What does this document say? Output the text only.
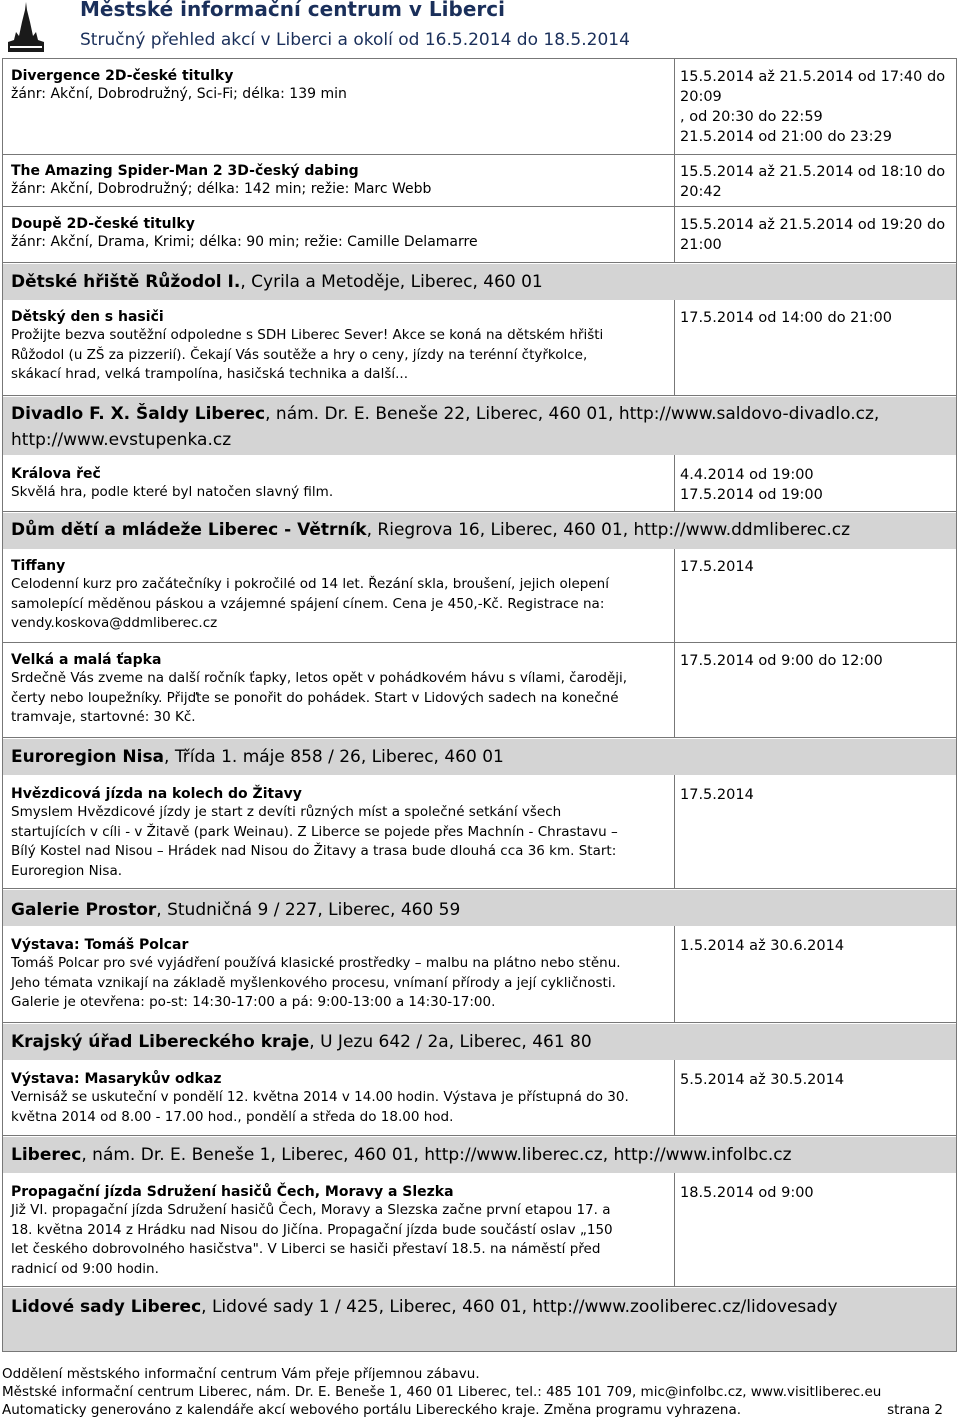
Městské informační centrum v Liberci
Stručný přehled akcí v Liberci a okolí od 16.5.2014 do 18.5.2014
Divergence 2D-české titulky
žánr: Akční, Dobrodružný, Sci-Fi; délka: 139 min
15.5.2014 až 21.5.2014 od 17:40 do
20:09
, od 20:30 do 22:59
21.5.2014 od 21:00 do 23:29
The Amazing Spider-Man 2 3D-český dabing
žánr: Akční, Dobrodružný; délka: 142 min; režie: Marc Webb
15.5.2014 až 21.5.2014 od 18:10 do
20:42
Doupě 2D-české titulky
žánr: Akční, Drama, Krimi; délka: 90 min; režie: Camille Delamarre
15.5.2014 až 21.5.2014 od 19:20 do
21:00
Dětské hřiště Růžodol I., Cyrila a Metoděje, Liberec, 460 01
Dětský den s hasiči
Prožijte bezva soutěžní odpoledne s SDH Liberec Sever! Akce se koná na dětském hřišti
Růžodol (u ZŠ za pizzerií). Čekají Vás soutěže a hry o ceny, jízdy na terénní čtyřkolce,
skákací hrad, velká trampolína, hasičská technika a další...
17.5.2014 od 14:00 do 21:00
Divadlo F. X. Šaldy Liberec, nám. Dr. E. Beneše 22, Liberec, 460 01, http://www.saldovo-divadlo.cz,
http://www.evstupenka.cz
Králova řeč
Skvělá hra, podle které byl natočen slavný film.
4.4.2014 od 19:00
17.5.2014 od 19:00
Dům dětí a mládeže Liberec - Větrník, Riegrova 16, Liberec, 460 01, http://www.ddmliberec.cz
Tiffany
Celodenní kurz pro začátečníky i pokročilé od 14 let. Řezání skla, broušení, jejich olepení
samolepící měděnou páskou a vzájemné spájení cínem. Cena je 450,-Kč. Registrace na:
vendy.koskova@ddmliberec.cz
17.5.2014
Velká a malá ťapka
Srdečně Vás zveme na další ročník ťapky, letos opět v pohádkovém hávu s vílami, čaroději,
čerty nebo loupežníky. Přijďte se ponořit do pohádek. Start v Lidových sadech na konečné
tramvaje, startovné: 30 Kč.
17.5.2014 od 9:00 do 12:00
Euroregion Nisa, Třída 1. máje 858 / 26, Liberec, 460 01
Hvězdicová jízda na kolech do Žitavy
Smyslem Hvězdicové jízdy je start z devíti různých míst a společné setkání všech
startujících v cíli - v Žitavě (park Weinau). Z Liberce se pojede přes Machnín - Chrastavu –
Bílý Kostel nad Nisou – Hrádek nad Nisou do Žitavy a trasa bude dlouhá cca 36 km. Start:
Euroregion Nisa.
17.5.2014
Galerie Prostor, Studničná 9 / 227, Liberec, 460 59
Výstava: Tomáš Polcar
Tomáš Polcar pro své vyjádření používá klasické prostředky – malbu na plátno nebo stěnu.
Jeho témata vznikají na základě myšlenkového procesu, vnímaní přírody a její cykličnosti.
Galerie je otevřena: po-st: 14:30-17:00 a pá: 9:00-13:00 a 14:30-17:00.
1.5.2014 až 30.6.2014
Krajský úřad Libereckého kraje, U Jezu 642 / 2a, Liberec, 461 80
Výstava: Masarykův odkaz
Vernisáž se uskuteční v pondělí 12. května 2014 v 14.00 hodin. Výstava je přístupná do 30.
května 2014 od 8.00 - 17.00 hod., pondělí a středa do 18.00 hod.
5.5.2014 až 30.5.2014
Liberec, nám. Dr. E. Beneše 1, Liberec, 460 01, http://www.liberec.cz, http://www.infolbc.cz
Propagační jízda Sdružení hasičů Čech, Moravy a Slezka
Již VI. propagační jízda Sdružení hasičů Čech, Moravy a Slezska začne první etapou 17. a
18. května 2014 z Hrádku nad Nisou do Jičína. Propagační jízda bude součástí oslav „150
let českého dobrovolného hasičstva". V Liberci se hasiči přestaví 18.5. na náměstí před
radnicí od 9:00 hodin.
18.5.2014 od 9:00
Lidové sady Liberec, Lidové sady 1 / 425, Liberec, 460 01, http://www.zooliberec.cz/lidovesady
Oddělení městského informační centrum Vám přeje příjemnou zábavu.
Městské informační centrum Liberec, nám. Dr. E. Beneše 1, 460 01 Liberec, tel.: 485 101 709, mic@infolbc.cz, www.visitliberec.eu
Automaticky generováno z kalendáře akcí webového portálu Libereckého kraje. Změna programu vyhrazena.	strana 2
